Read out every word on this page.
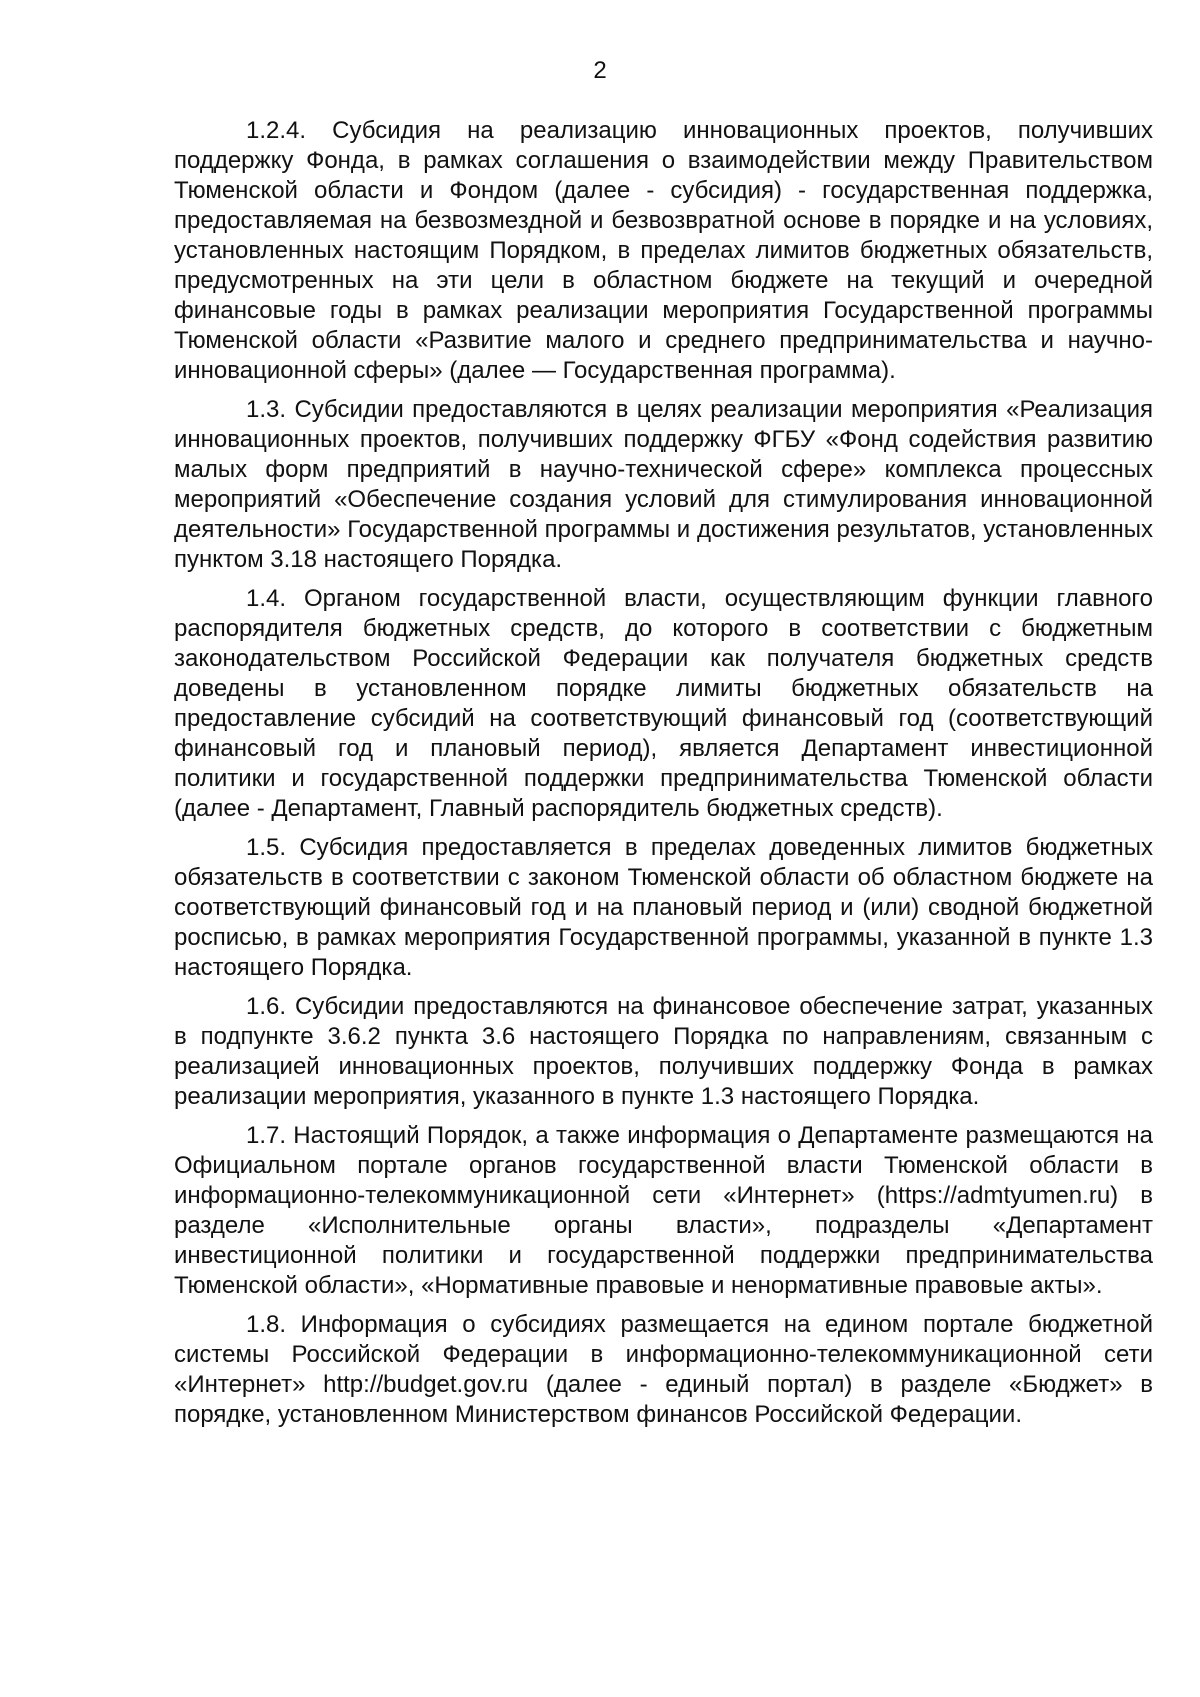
2

1.2.4. Субсидия на реализацию инновационных проектов, получивших поддержку Фонда, в рамках соглашения о взаимодействии между Правительством Тюменской области и Фондом (далее - субсидия) - государственная поддержка, предоставляемая на безвозмездной и безвозвратной основе в порядке и на условиях, установленных настоящим Порядком, в пределах лимитов бюджетных обязательств, предусмотренных на эти цели в областном бюджете на текущий и очередной финансовые годы в рамках реализации мероприятия Государственной программы Тюменской области «Развитие малого и среднего предпринимательства и научно-инновационной сферы» (далее — Государственная программа).

1.3. Субсидии предоставляются в целях реализации мероприятия «Реализация инновационных проектов, получивших поддержку ФГБУ «Фонд содействия развитию малых форм предприятий в научно-технической сфере» комплекса процессных мероприятий «Обеспечение создания условий для стимулирования инновационной деятельности» Государственной программы и достижения результатов, установленных пунктом 3.18 настоящего Порядка.

1.4. Органом государственной власти, осуществляющим функции главного распорядителя бюджетных средств, до которого в соответствии с бюджетным законодательством Российской Федерации как получателя бюджетных средств доведены в установленном порядке лимиты бюджетных обязательств на предоставление субсидий на соответствующий финансовый год (соответствующий финансовый год и плановый период), является Департамент инвестиционной политики и государственной поддержки предпринимательства Тюменской области (далее - Департамент, Главный распорядитель бюджетных средств).

1.5. Субсидия предоставляется в пределах доведенных лимитов бюджетных обязательств в соответствии с законом Тюменской области об областном бюджете на соответствующий финансовый год и на плановый период и (или) сводной бюджетной росписью, в рамках мероприятия Государственной программы, указанной в пункте 1.3 настоящего Порядка.

1.6. Субсидии предоставляются на финансовое обеспечение затрат, указанных в подпункте 3.6.2 пункта 3.6 настоящего Порядка по направлениям, связанным с реализацией инновационных проектов, получивших поддержку Фонда в рамках реализации мероприятия, указанного в пункте 1.3 настоящего Порядка.

1.7. Настоящий Порядок, а также информация о Департаменте размещаются на Официальном портале органов государственной власти Тюменской области в информационно-телекоммуникационной сети «Интернет» (https://admtyumen.ru) в разделе «Исполнительные органы власти», подразделы «Департамент инвестиционной политики и государственной поддержки предпринимательства Тюменской области», «Нормативные правовые и ненормативные правовые акты».

1.8. Информация о субсидиях размещается на едином портале бюджетной системы Российской Федерации в информационно-телекоммуникационной сети «Интернет» http://budget.gov.ru (далее - единый портал) в разделе «Бюджет» в порядке, установленном Министерством финансов Российской Федерации.
